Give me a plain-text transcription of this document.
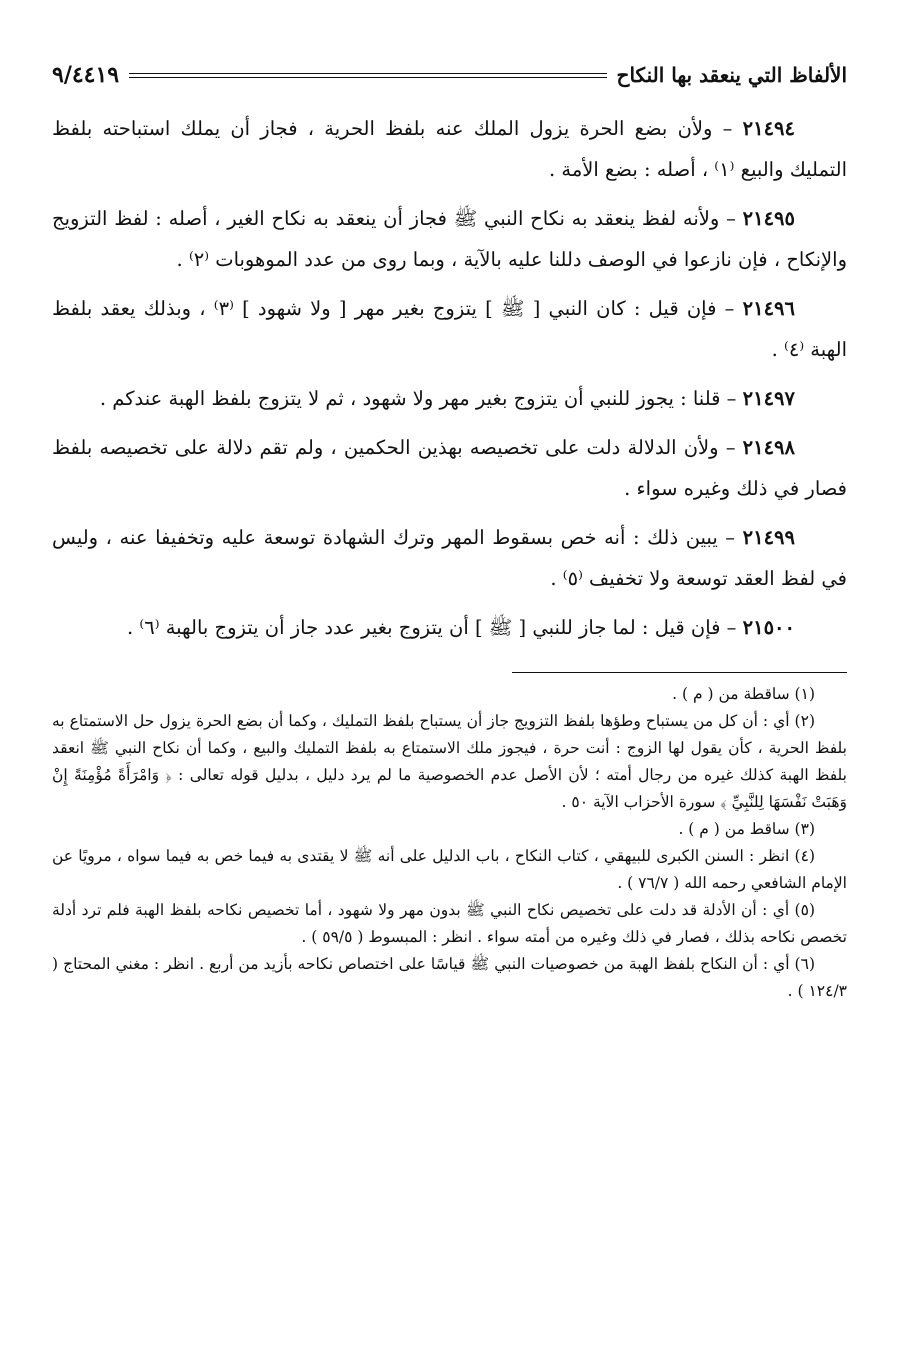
الألفاظ التي ينعقد بها النكاح
٩/٤٤١٩

٢١٤٩٤ – ولأن بضع الحرة يزول الملك عنه بلفظ الحرية ، فجاز أن يملك استباحته بلفظ التمليك والبيع ⁽١⁾ ، أصله : بضع الأمة .

٢١٤٩٥ – ولأنه لفظ ينعقد به نكاح النبي ﷺ فجاز أن ينعقد به نكاح الغير ، أصله : لفظ التزويج والإنكاح ، فإن نازعوا في الوصف دللنا عليه بالآية ، وبما روى من عدد الموهوبات ⁽٢⁾ .

٢١٤٩٦ – فإن قيل : كان النبي [ ﷺ ] يتزوج بغير مهر [ ولا شهود ] ⁽٣⁾ ، وبذلك يعقد بلفظ الهبة ⁽٤⁾ .

٢١٤٩٧ – قلنا : يجوز للنبي أن يتزوج بغير مهر ولا شهود ، ثم لا يتزوج بلفظ الهبة عندكم .

٢١٤٩٨ – ولأن الدلالة دلت على تخصيصه بهذين الحكمين ، ولم تقم دلالة على تخصيصه بلفظ فصار في ذلك وغيره سواء .

٢١٤٩٩ – يبين ذلك : أنه خص بسقوط المهر وترك الشهادة توسعة عليه وتخفيفا عنه ، وليس في لفظ العقد توسعة ولا تخفيف ⁽٥⁾ .

٢١٥٠٠ – فإن قيل : لما جاز للنبي [ ﷺ ] أن يتزوج بغير عدد جاز أن يتزوج بالهبة ⁽٦⁾ .

(١) ساقطة من ( م ) .

(٢) أي : أن كل من يستباح وطؤها بلفظ التزويج جاز أن يستباح بلفظ التمليك ، وكما أن بضع الحرة يزول حل الاستمتاع به بلفظ الحرية ، كأن يقول لها الزوج : أنت حرة ، فيجوز ملك الاستمتاع به بلفظ التمليك والبيع ، وكما أن نكاح النبي ﷺ انعقد بلفظ الهبة كذلك غيره من رجال أمته ؛ لأن الأصل عدم الخصوصية ما لم يرد دليل ، بدليل قوله تعالى : ﴿ وَامْرَأَةً مُؤْمِنَةً إِنْ وَهَبَتْ نَفْسَهَا لِلنَّبِيِّ ﴾ سورة الأحزاب الآية ٥٠ .

(٣) ساقط من ( م ) .

(٤) انظر : السنن الكبرى للبيهقي ، كتاب النكاح ، باب الدليل على أنه ﷺ لا يقتدى به فيما خص به فيما سواه ، مرويًا عن الإمام الشافعي رحمه الله ( ٧٦/٧ ) .

(٥) أي : أن الأدلة قد دلت على تخصيص نكاح النبي ﷺ بدون مهر ولا شهود ، أما تخصيص نكاحه بلفظ الهبة فلم ترد أدلة تخصص نكاحه بذلك ، فصار في ذلك وغيره من أمته سواء . انظر : المبسوط ( ٥٩/٥ ) .

(٦) أي : أن النكاح بلفظ الهبة من خصوصيات النبي ﷺ قياسًا على اختصاص نكاحه بأزيد من أربع . انظر : مغني المحتاج ( ١٢٤/٣ ) .
